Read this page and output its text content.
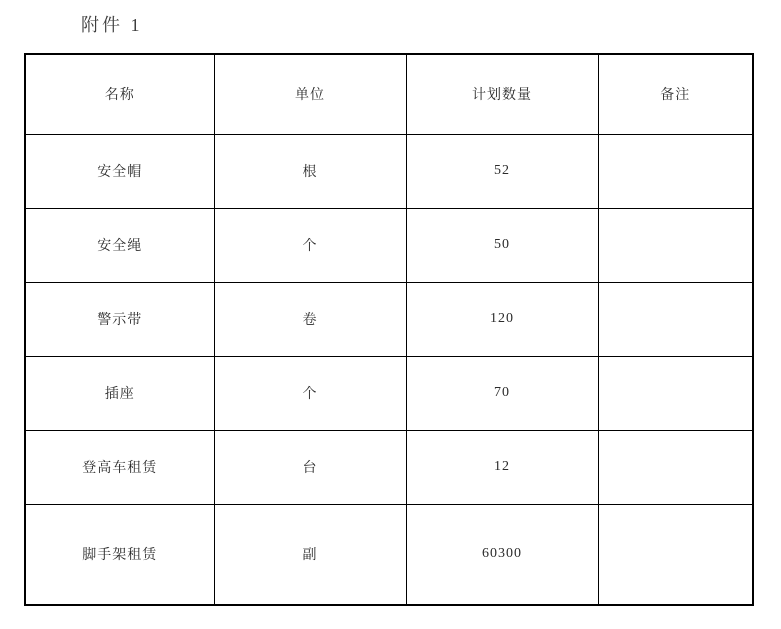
附件 1
名称	单位	计划数量	备注
安全帽	根	52	
安全绳	个	50	
警示带	卷	120	
插座	个	70	
登高车租赁	台	12	
脚手架租赁	副	60300	
